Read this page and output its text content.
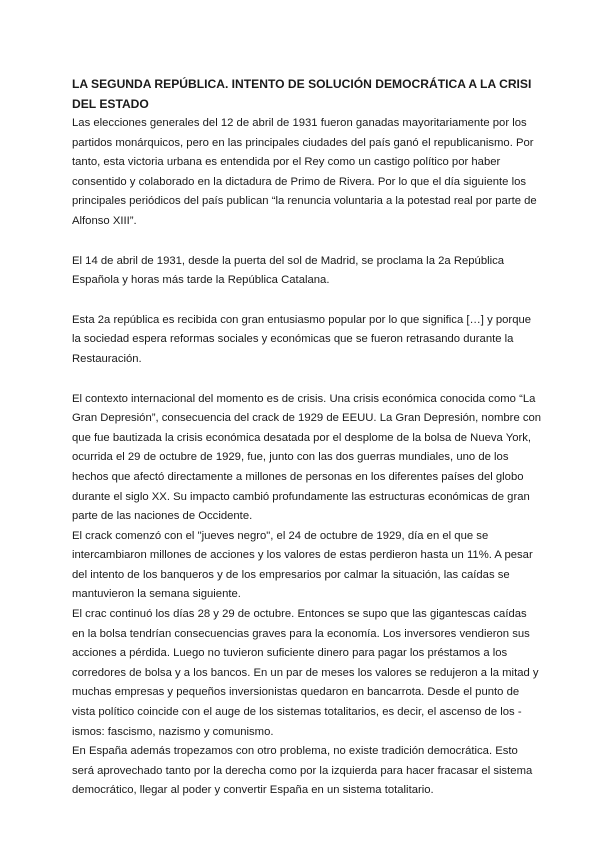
LA SEGUNDA REPÚBLICA. INTENTO DE SOLUCIÓN DEMOCRÁTICA A LA CRISI DEL ESTADO

Las elecciones generales del 12 de abril de 1931 fueron ganadas mayoritariamente por los partidos monárquicos, pero en las principales ciudades del país ganó el republicanismo. Por tanto, esta victoria urbana es entendida por el Rey como un castigo político por haber consentido y colaborado en la dictadura de Primo de Rivera. Por lo que el día siguiente los principales periódicos del país publican “la renuncia voluntaria a la potestad real por parte de Alfonso XIII”.

El 14 de abril de 1931, desde la puerta del sol de Madrid, se proclama la 2a República Española y horas más tarde la República Catalana.

Esta 2a república es recibida con gran entusiasmo popular por lo que significa […] y porque la sociedad espera reformas sociales y económicas que se fueron retrasando durante la Restauración.

El contexto internacional del momento es de crisis. Una crisis económica conocida como “La Gran Depresión”, consecuencia del crack de 1929 de EEUU. La Gran Depresión, nombre con que fue bautizada la crisis económica desatada por el desplome de la bolsa de Nueva York, ocurrida el 29 de octubre de 1929, fue, junto con las dos guerras mundiales, uno de los hechos que afectó directamente a millones de personas en los diferentes países del globo durante el siglo XX. Su impacto cambió profundamente las estructuras económicas de gran parte de las naciones de Occidente.

El crack comenzó con el "jueves negro", el 24 de octubre de 1929, día en el que se intercambiaron millones de acciones y los valores de estas perdieron hasta un 11%. A pesar del intento de los banqueros y de los empresarios por calmar la situación, las caídas se mantuvieron la semana siguiente.

El crac continuó los días 28 y 29 de octubre. Entonces se supo que las gigantescas caídas en la bolsa tendrían consecuencias graves para la economía. Los inversores vendieron sus acciones a pérdida. Luego no tuvieron suficiente dinero para pagar los préstamos a los corredores de bolsa y a los bancos. En un par de meses los valores se redujeron a la mitad y muchas empresas y pequeños inversionistas quedaron en bancarrota. Desde el punto de vista político coincide con el auge de los sistemas totalitarios, es decir, el ascenso de los -ismos: fascismo, nazismo y comunismo.

En España además tropezamos con otro problema, no existe tradición democrática. Esto será aprovechado tanto por la derecha como por la izquierda para hacer fracasar el sistema democrático, llegar al poder y convertir España en un sistema totalitario.
